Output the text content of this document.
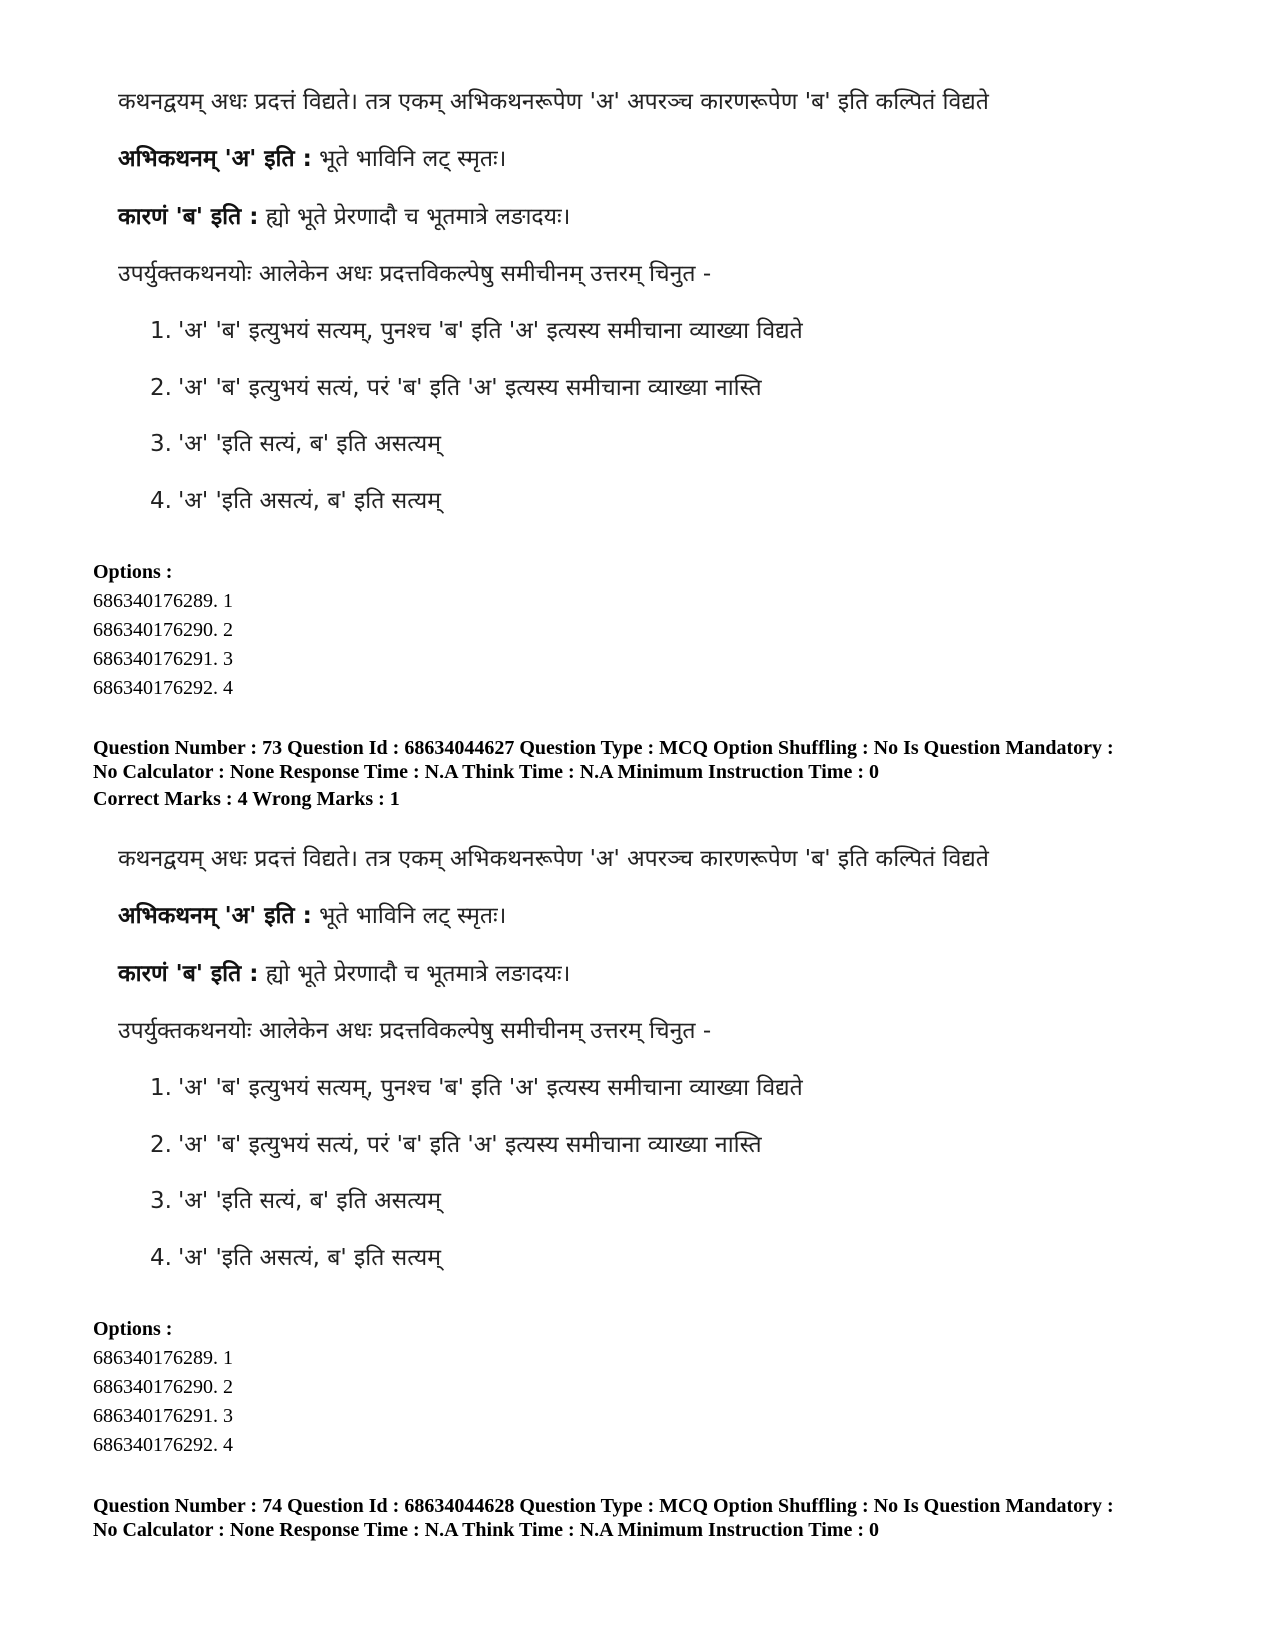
कथनद्वयम् अधः प्रदत्तं विद्यते। तत्र एकम् अभिकथनरूपेण 'अ' अपरञ्च कारणरूपेण 'ब' इति कल्पितं विद्यते
अभिकथनम् 'अ' इति : भूते भाविनि लट् स्मृतः।
कारणं 'ब' इति : ह्यो भूते प्रेरणादौ च भूतमात्रे लङादयः।
उपर्युक्तकथनयोः आलेकेन अधः प्रदत्तविकल्पेषु समीचीनम् उत्तरम् चिनुत -
1. 'अ' 'ब' इत्युभयं सत्यम्, पुनश्च 'ब' इति 'अ' इत्यस्य समीचाना व्याख्या विद्यते
2. 'अ' 'ब' इत्युभयं सत्यं, परं 'ब' इति 'अ' इत्यस्य समीचाना व्याख्या नास्ति
3. 'अ' 'इति सत्यं, ब' इति असत्यम्
4. 'अ' 'इति असत्यं, ब' इति सत्यम्
Options :
686340176289. 1
686340176290. 2
686340176291. 3
686340176292. 4
Question Number : 73 Question Id : 68634044627 Question Type : MCQ Option Shuffling : No Is Question Mandatory :
No Calculator : None Response Time : N.A Think Time : N.A Minimum Instruction Time : 0
Correct Marks : 4 Wrong Marks : 1
कथनद्वयम् अधः प्रदत्तं विद्यते। तत्र एकम् अभिकथनरूपेण 'अ' अपरञ्च कारणरूपेण 'ब' इति कल्पितं विद्यते
अभिकथनम् 'अ' इति : भूते भाविनि लट् स्मृतः।
कारणं 'ब' इति : ह्यो भूते प्रेरणादौ च भूतमात्रे लङादयः।
उपर्युक्तकथनयोः आलेकेन अधः प्रदत्तविकल्पेषु समीचीनम् उत्तरम् चिनुत -
1. 'अ' 'ब' इत्युभयं सत्यम्, पुनश्च 'ब' इति 'अ' इत्यस्य समीचाना व्याख्या विद्यते
2. 'अ' 'ब' इत्युभयं सत्यं, परं 'ब' इति 'अ' इत्यस्य समीचाना व्याख्या नास्ति
3. 'अ' 'इति सत्यं, ब' इति असत्यम्
4. 'अ' 'इति असत्यं, ब' इति सत्यम्
Options :
686340176289. 1
686340176290. 2
686340176291. 3
686340176292. 4
Question Number : 74 Question Id : 68634044628 Question Type : MCQ Option Shuffling : No Is Question Mandatory :
No Calculator : None Response Time : N.A Think Time : N.A Minimum Instruction Time : 0
